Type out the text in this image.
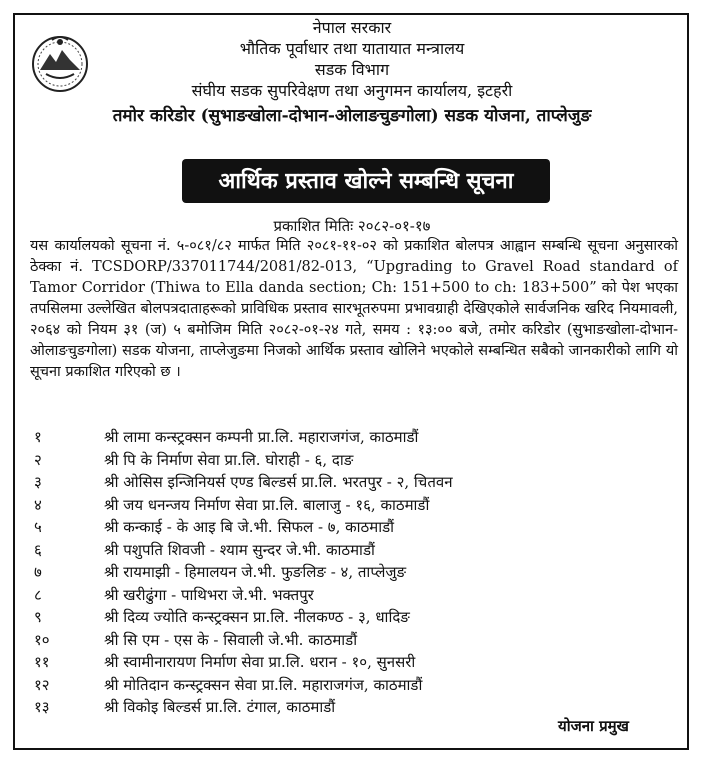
नेपाल सरकार
भौतिक पूर्वाधार तथा यातायात मन्त्रालय
सडक विभाग
संघीय सडक सुपरिवेक्षण तथा अनुगमन कार्यालय, इटहरी
तमोर करिडोर (सुभाङखोला-दोभान-ओलाङचुङगोला) सडक योजना, ताप्लेजुङ
आर्थिक प्रस्ताव खोल्ने सम्बन्धि सूचना
प्रकाशित मितिः २०८२-०१-१७
यस कार्यालयको सूचना नं. ५-०८१/८२ मार्फत मिति २०८१-११-०२ को प्रकाशित बोलपत्र आह्वान सम्बन्धि सूचना अनुसारको ठेक्का नं. TCSDORP/337011744/2081/82-013, “Upgrading to Gravel Road standard of Tamor Corridor (Thiwa to Ella danda section; Ch: 151+500 to ch: 183+500” को पेश भएका तपसिलमा उल्लेखित बोलपत्रदाताहरूको प्राविधिक प्रस्ताव सारभूतरुपमा प्रभावग्राही देखिएकोले सार्वजनिक खरिद नियमावली, २०६४ को नियम ३१ (ज) ५ बमोजिम मिति २०८२-०१-२४ गते, समय : १३:०० बजे, तमोर करिडोर (सुभाङखोला-दोभान-ओलाङचुङगोला) सडक योजना, ताप्लेजुङमा निजको आर्थिक प्रस्ताव खोलिने भएकोले सम्बन्धित सबैको जानकारीको लागि यो सूचना प्रकाशित गरिएको छ ।
१	श्री लामा कन्स्ट्रक्सन कम्पनी प्रा.लि. महाराजगंज, काठमाडौं
२	श्री पि के निर्माण सेवा प्रा.लि. घोराही - ६, दाङ
३	श्री ओसिस इन्जिनियर्स एण्ड बिल्डर्स प्रा.लि. भरतपुर - २, चितवन
४	श्री जय धनन्जय निर्माण सेवा प्रा.लि. बालाजु - १६, काठमाडौं
५	श्री कन्काई - के आइ बि जे.भी. सिफल - ७, काठमाडौं
६	श्री पशुपति शिवजी - श्याम सुन्दर जे.भी. काठमाडौं
७	श्री रायमाझी - हिमालयन जे.भी. फुङलिङ - ४, ताप्लेजुङ
८	श्री खरीढुंगा - पाथिभरा जे.भी. भक्तपुर
९	श्री दिव्य ज्योति कन्स्ट्रक्सन प्रा.लि. नीलकण्ठ - ३, धादिङ
१०	श्री सि एम - एस के - सिवाली जे.भी. काठमाडौं
११	श्री स्वामीनारायण निर्माण सेवा प्रा.लि. धरान - १०, सुनसरी
१२	श्री मोतिदान कन्स्ट्रक्सन सेवा प्रा.लि. महाराजगंज, काठमाडौं
१३	श्री विकोइ बिल्डर्स प्रा.लि. टंगाल, काठमाडौं
योजना प्रमुख
